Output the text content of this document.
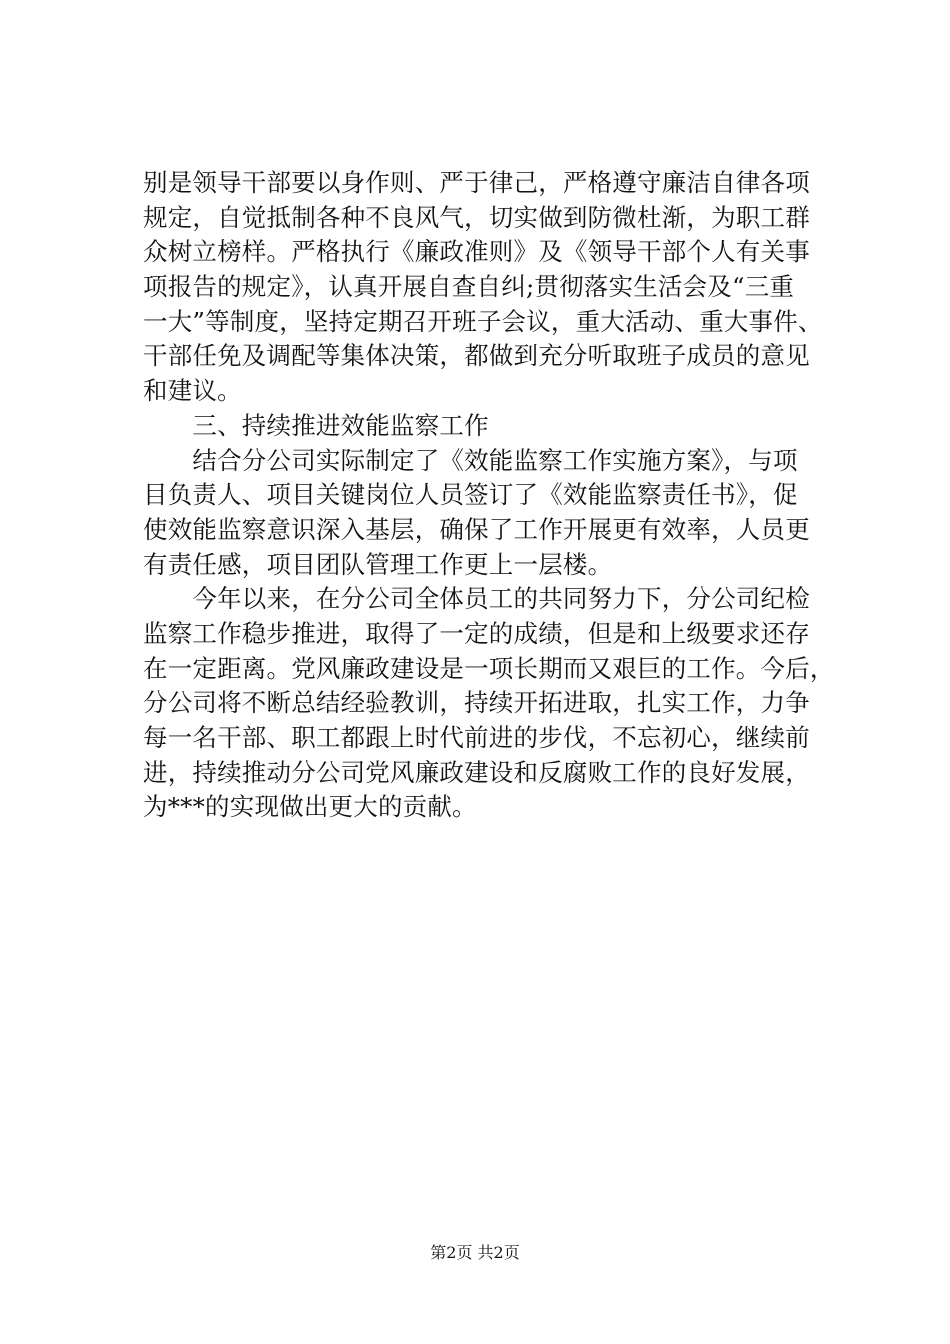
别是领导干部要以身作则、严于律己，严格遵守廉洁自律各项
规定，自觉抵制各种不良风气，切实做到防微杜渐，为职工群
众树立榜样。严格执行《廉政准则》及《领导干部个人有关事
项报告的规定》，认真开展自查自纠;贯彻落实生活会及“三重
一大”等制度，坚持定期召开班子会议，重大活动、重大事件、
干部任免及调配等集体决策，都做到充分听取班子成员的意见
和建议。
　　三、持续推进效能监察工作
　　结合分公司实际制定了《效能监察工作实施方案》，与项
目负责人、项目关键岗位人员签订了《效能监察责任书》，促
使效能监察意识深入基层，确保了工作开展更有效率，人员更
有责任感，项目团队管理工作更上一层楼。
　　今年以来，在分公司全体员工的共同努力下，分公司纪检
监察工作稳步推进，取得了一定的成绩，但是和上级要求还存
在一定距离。党风廉政建设是一项长期而又艰巨的工作。今后，
分公司将不断总结经验教训，持续开拓进取，扎实工作，力争
每一名干部、职工都跟上时代前进的步伐，不忘初心，继续前
进，持续推动分公司党风廉政建设和反腐败工作的良好发展，
为***的实现做出更大的贡献。
第2页 共2页
